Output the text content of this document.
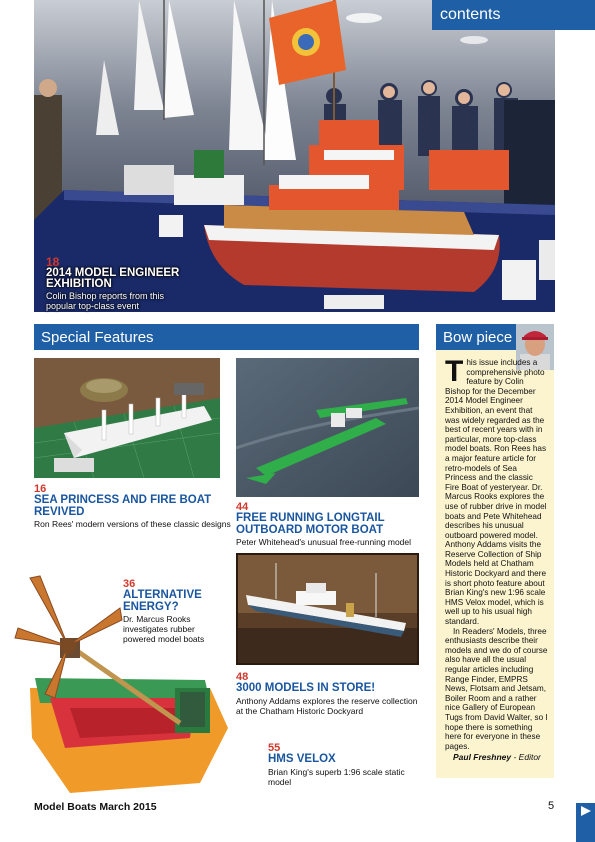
contents
18
2014 MODEL ENGINEER EXHIBITION
Colin Bishop reports from this popular top-class event
Special Features	Bow piece
16
SEA PRINCESS AND FIRE BOAT REVIVED
Ron Rees' modern versions of these classic designs
44
FREE RUNNING LONGTAIL OUTBOARD MOTOR BOAT
Peter Whitehead's unusual free-running model
36
ALTERNATIVE ENERGY?
Dr. Marcus Rooks investigates rubber powered model boats
48
3000 MODELS IN STORE!
Anthony Addams explores the reserve collection at the Chatham Historic Dockyard
55
HMS VELOX
Brian King's superb 1:96 scale static model

This issue includes a comprehensive photo feature by Colin Bishop for the December 2014 Model Engineer Exhibition, an event that was widely regarded as the best of recent years with in particular, more top-class model boats. Ron Rees has a major feature article for retro-models of Sea Princess and the classic Fire Boat of yesteryear. Dr. Marcus Rooks explores the use of rubber drive in model boats and Pete Whitehead describes his unusual outboard powered model. Anthony Addams visits the Reserve Collection of Ship Models held at Chatham Historic Dockyard and there is short photo feature about Brian King's new 1:96 scale HMS Velox model, which is well up to his usual high standard.

In Readers' Models, three enthusiasts describe their models and we do of course also have all the usual regular articles including Range Finder, EMPRS News, Flotsam and Jetsam, Boiler Room and a rather nice Gallery of European Tugs from David Walter, so I hope there is something here for everyone in these pages.

Paul Freshney - Editor

Model Boats March 2015	5
